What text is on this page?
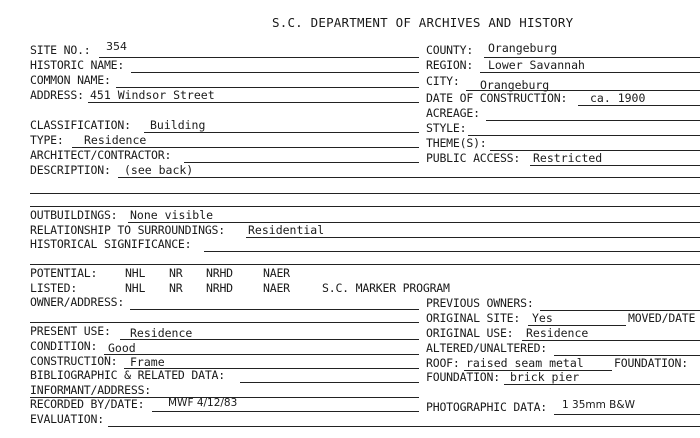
S.C. DEPARTMENT OF ARCHIVES AND HISTORY
SITE NO.: 354
HISTORIC NAME:
COMMON NAME:
ADDRESS: 451 Windsor Street
COUNTY: Orangeburg
REGION: Lower Savannah
CITY: Orangeburg
DATE OF CONSTRUCTION: ca. 1900
ACREAGE:
CLASSIFICATION: Building
TYPE: Residence
ARCHITECT/CONTRACTOR:
DESCRIPTION: (see back)
STYLE:
THEME(S):
PUBLIC ACCESS: Restricted
OUTBUILDINGS: None visible
RELATIONSHIP TO SURROUNDINGS: Residential
HISTORICAL SIGNIFICANCE:
POTENTIAL: NHL NR NRHD	NAER
LISTED:	NHL NR NRHD	NAER	S.C. MARKER PROGRAM
OWNER/ADDRESS:
PRESENT USE: Residence
CONDITION: Good
CONSTRUCTION: Frame
BIBLIOGRAPHIC & RELATED DATA:
INFORMANT/ADDRESS:
RECORDED BY/DATE: MWF 4/12/83
EVALUATION:
PREVIOUS OWNERS:
ORIGINAL SITE: Yes	MOVED/DATE
ORIGINAL USE: Residence
ALTERED/UNALTERED:
ROOF: raised seam metal	FOUNDATION:
FOUNDATION: brick pier
PHOTOGRAPHIC DATA: 1 35mm B&W
